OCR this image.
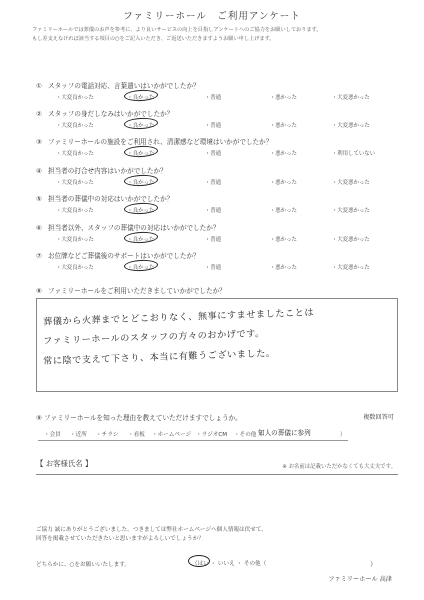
ファミリーホール　ご利用アンケート
ファミリーホールでは葬儀のお声を参考に、より良いサービスの向上を目指しアンケートへのご協力をお願いしております。
もし差支えなければ該当する項目の○をご記入いただき、ご返送いただきますようお願い申し上げます。
① スタッフの電話対応、言葉遣いはいかがでしたか？
・大変良かった	・良かった	・普通	・悪かった	・大変悪かった
② スタッフの身だしなみはいかがでしたか？
・大変良かった	・良かった	・普通	・悪かった	・大変悪かった
③ ファミリーホールの施設をご利用され、清潔感など環境はいかがでしたか？
・大変良かった	・良かった	・普通	・悪かった	・利用していない
④ 担当者の打合せ内容はいかがでしたか？
・大変良かった	・良かった	・普通	・悪かった	・大変悪かった
⑤ 担当者の葬儀中の対応はいかがでしたか？
・大変良かった	・良かった	・普通	・悪かった	・大変悪かった
⑥ 担当者以外、スタッフの葬儀中の対応はいかがでしたか？
・大変良かった	・良かった	・普通	・悪かった	・大変悪かった
⑦ お位牌などご葬儀後のサポートはいかがでしたか？
・大変良かった	・良かった	・普通	・悪かった	・大変悪かった
⑧ ファミリーホールをご利用いただきましていかがでしたか？
葬儀から火葬までとどこおりなく、無事にすませましたことは
ファミリーホールのスタッフの方々のおかげです。
常に陰で支えて下さり、本当に有難うございました。
⑨ ファミリーホールを知った理由を教えていただけますでしょうか。	複数回答可
・会員 ・近所 ・チラシ ・看板 ・ホームページ ・ラジオCM ・その他（	）
知人の葬儀に参列
【 お客様氏名 】	※ お名前は記載いただかなくても大丈夫です。
ご協力 誠にありがとうございました。つきましては弊社ホームページへ個人情報は伏せて、
回答を掲載させていただきたいと思いますがよろしいでしょうか？
どちらかに、○をお願いいたします。	（はい ・ いいえ ・ その他（	）
ファミリーホール 高津
